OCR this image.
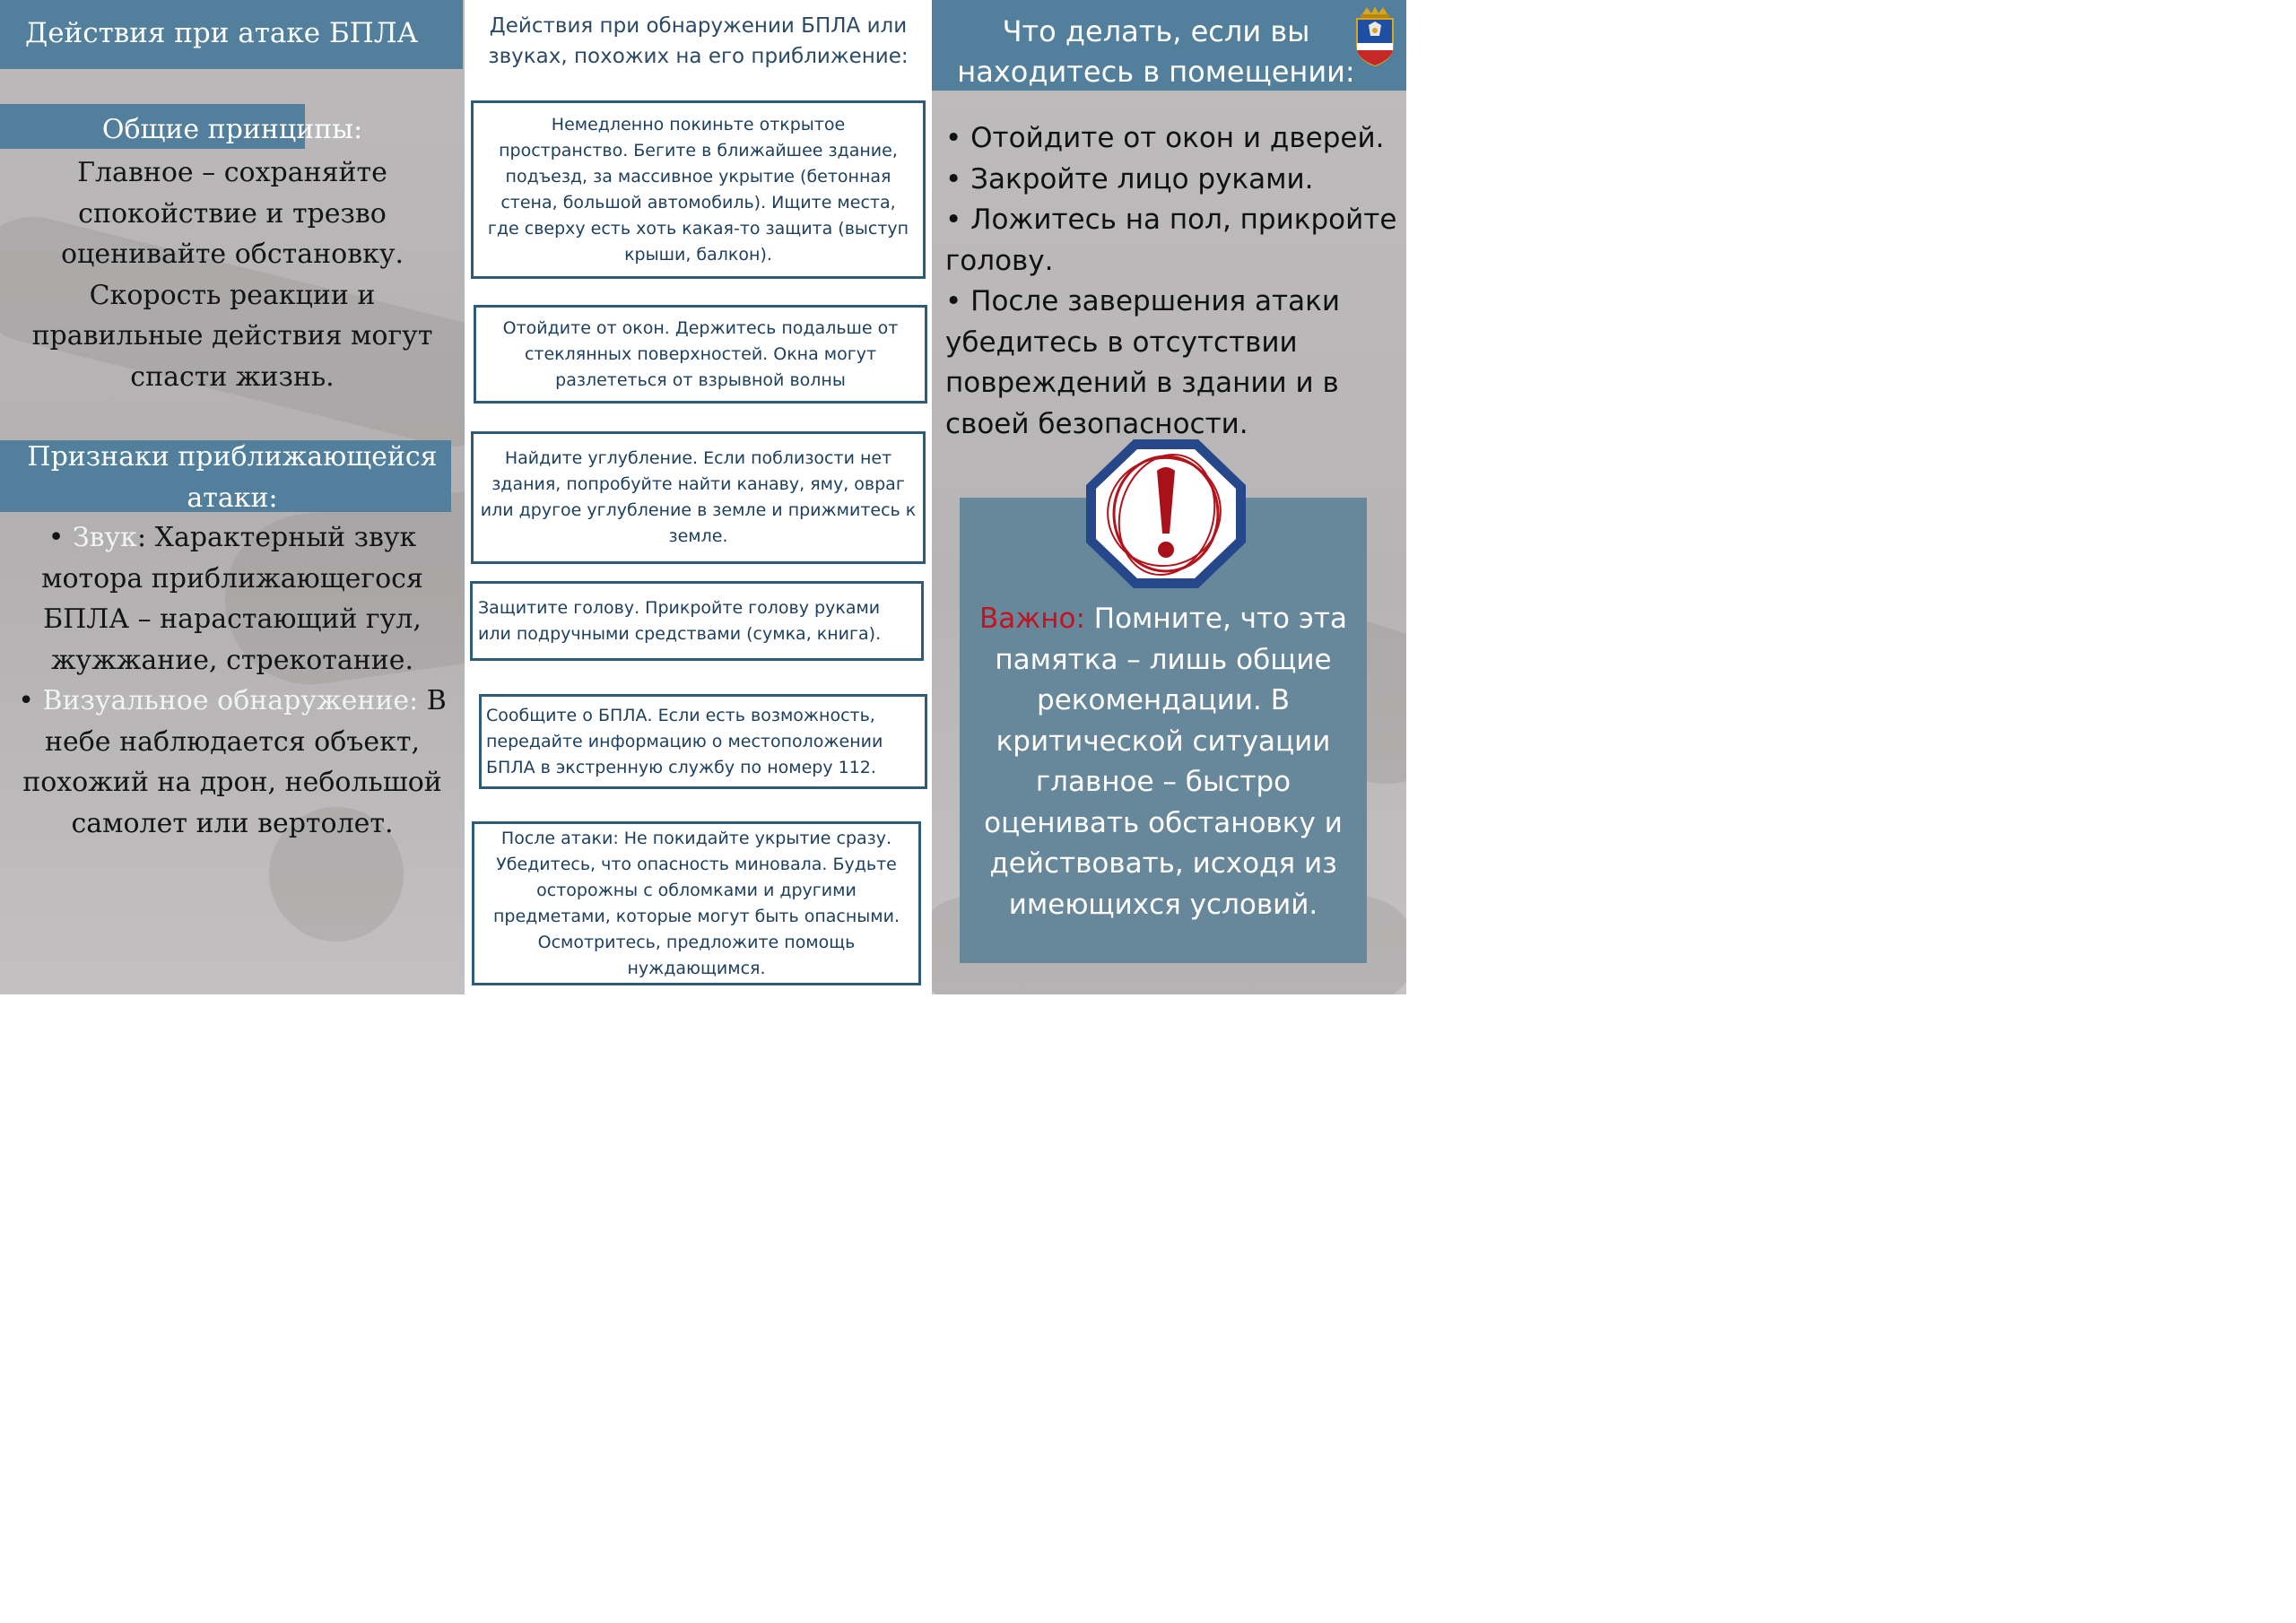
Действия при атаке БПЛА
Общие принципы:
Главное – сохраняйте спокойствие и трезво оценивайте обстановку. Скорость реакции и правильные действия могут спасти жизнь.
Признаки приближающейся атаки:
• Звук: Характерный звук мотора приближающегося БПЛА – нарастающий гул, жужжание, стрекотание.
• Визуальное обнаружение: В небе наблюдается объект, похожий на дрон, небольшой самолет или вертолет.
Действия при обнаружении БПЛА или звуках, похожих на его приближение:
Немедленно покиньте открытое пространство. Бегите в ближайшее здание, подъезд, за массивное укрытие (бетонная стена, большой автомобиль). Ищите места, где сверху есть хоть какая-то защита (выступ крыши, балкон).
Отойдите от окон. Держитесь подальше от стеклянных поверхностей. Окна могут разлететься от взрывной волны
Найдите углубление. Если поблизости нет здания, попробуйте найти канаву, яму, овраг или другое углубление в земле и прижмитесь к земле.
Защитите голову. Прикройте голову руками или подручными средствами (сумка, книга).
Сообщите о БПЛА. Если есть возможность, передайте информацию о местоположении БПЛА в экстренную службу по номеру 112.
После атаки: Не покидайте укрытие сразу. Убедитесь, что опасность миновала. Будьте осторожны с обломками и другими предметами, которые могут быть опасными. Осмотритесь, предложите помощь нуждающимся.
Что делать, если вы находитесь в помещении:
• Отойдите от окон и дверей.
• Закройте лицо руками.
• Ложитесь на пол, прикройте голову.
• После завершения атаки убедитесь в отсутствии повреждений в здании и в своей безопасности.
Важно: Помните, что эта памятка – лишь общие рекомендации. В критической ситуации главное – быстро оценивать обстановку и действовать, исходя из имеющихся условий.
